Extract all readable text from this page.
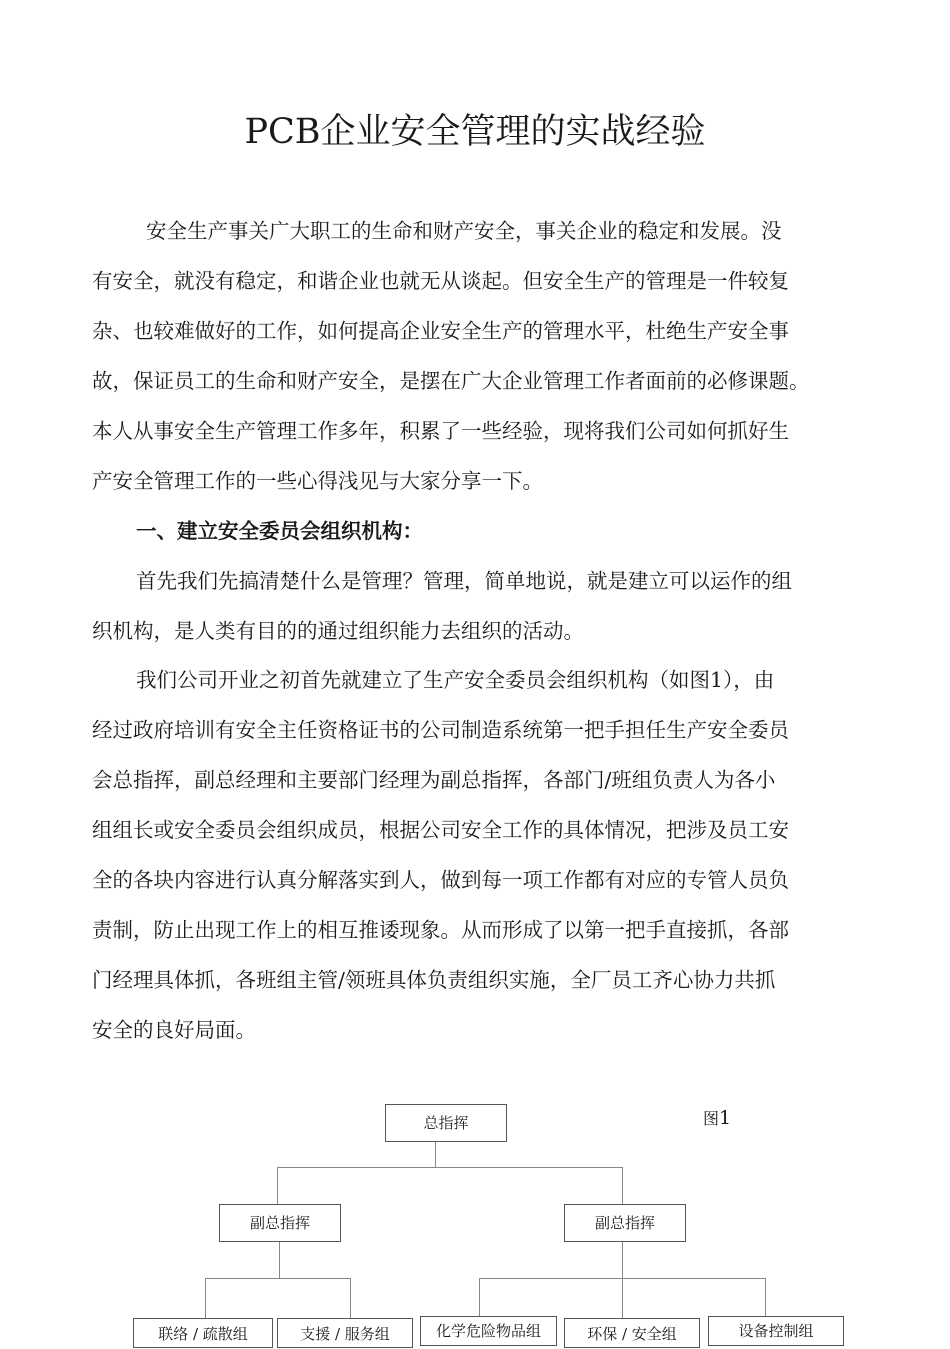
PCB企业安全管理的实战经验

安全生产事关广大职工的生命和财产安全，事关企业的稳定和发展。没

有安全，就没有稳定，和谐企业也就无从谈起。但安全生产的管理是一件较复

杂、也较难做好的工作，如何提高企业安全生产的管理水平，杜绝生产安全事

故，保证员工的生命和财产安全，是摆在广大企业管理工作者面前的必修课题。

本人从事安全生产管理工作多年，积累了一些经验，现将我们公司如何抓好生

产安全管理工作的一些心得浅见与大家分享一下。

一、建立安全委员会组织机构：

首先我们先搞清楚什么是管理？管理，简单地说，就是建立可以运作的组

织机构，是人类有目的的通过组织能力去组织的活动。

我们公司开业之初首先就建立了生产安全委员会组织机构（如图1），由

经过政府培训有安全主任资格证书的公司制造系统第一把手担任生产安全委员

会总指挥，副总经理和主要部门经理为副总指挥，各部门/班组负责人为各小

组组长或安全委员会组织成员，根据公司安全工作的具体情况，把涉及员工安

全的各块内容进行认真分解落实到人，做到每一项工作都有对应的专管人员负

责制，防止出现工作上的相互推诿现象。从而形成了以第一把手直接抓，各部

门经理具体抓，各班组主管/领班具体负责组织实施，全厂员工齐心协力共抓

安全的良好局面。

图1
总指挥
副总指挥	副总指挥
联络 / 疏散组	支援 / 服务组	化学危险物品组	环保 / 安全组	设备控制组
